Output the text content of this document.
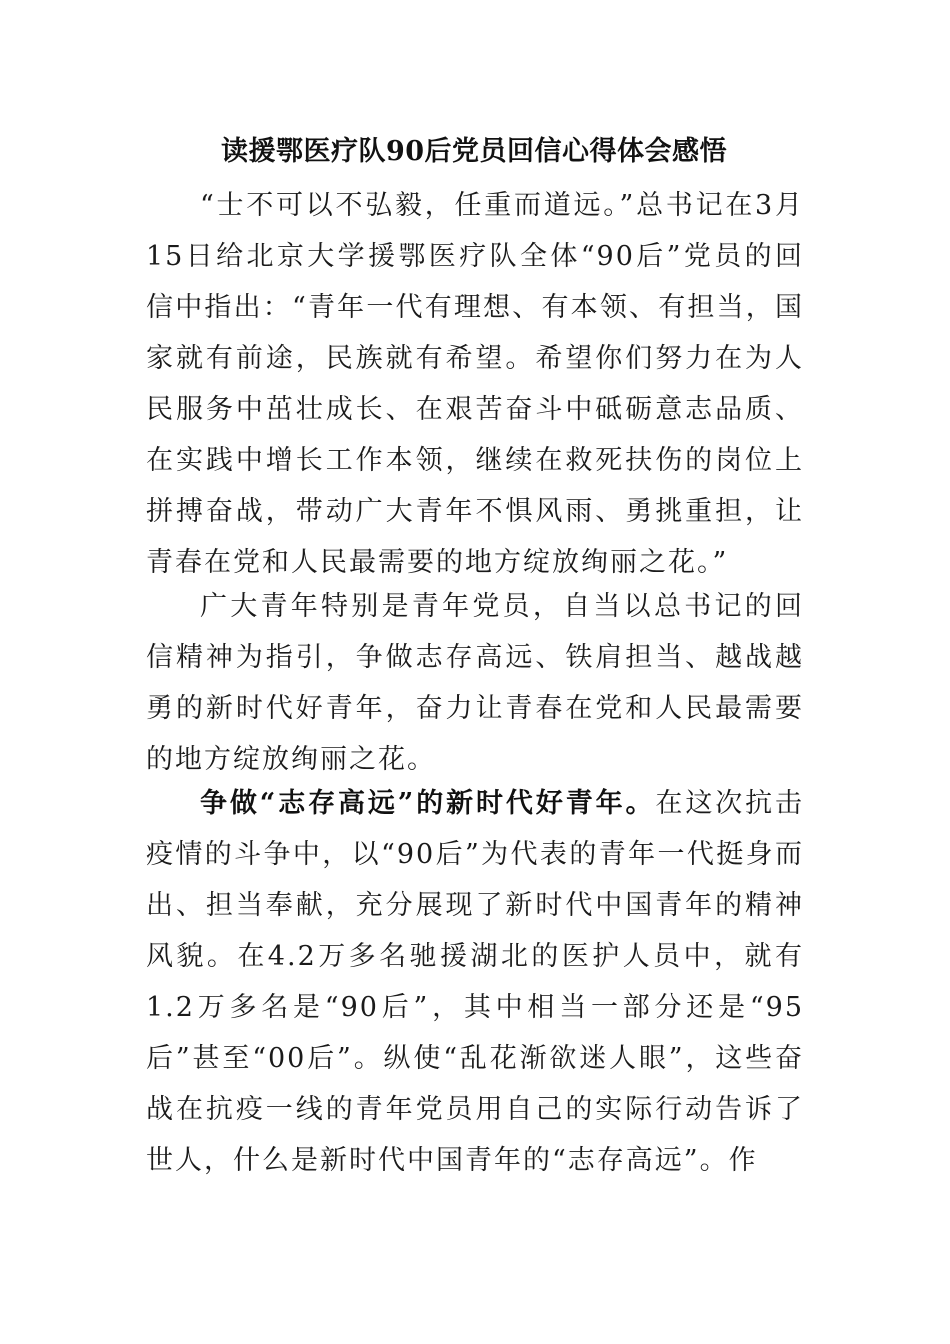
读援鄂医疗队90后党员回信心得体会感悟

“士不可以不弘毅，任重而道远。”总书记在3月15日给北京大学援鄂医疗队全体“90后”党员的回信中指出：“青年一代有理想、有本领、有担当，国家就有前途，民族就有希望。希望你们努力在为人民服务中茁壮成长、在艰苦奋斗中砥砺意志品质、在实践中增长工作本领，继续在救死扶伤的岗位上拼搏奋战，带动广大青年不惧风雨、勇挑重担，让青春在党和人民最需要的地方绽放绚丽之花。”

广大青年特别是青年党员，自当以总书记的回信精神为指引，争做志存高远、铁肩担当、越战越勇的新时代好青年，奋力让青春在党和人民最需要的地方绽放绚丽之花。

争做“志存高远”的新时代好青年。在这次抗击疫情的斗争中，以“90后”为代表的青年一代挺身而出、担当奉献，充分展现了新时代中国青年的精神风貌。在4.2万多名驰援湖北的医护人员中，就有1.2万多名是“90后”，其中相当一部分还是“95后”甚至“00后”。纵使“乱花渐欲迷人眼”，这些奋战在抗疫一线的青年党员用自己的实际行动告诉了世人，什么是新时代中国青年的“志存高远”。作
